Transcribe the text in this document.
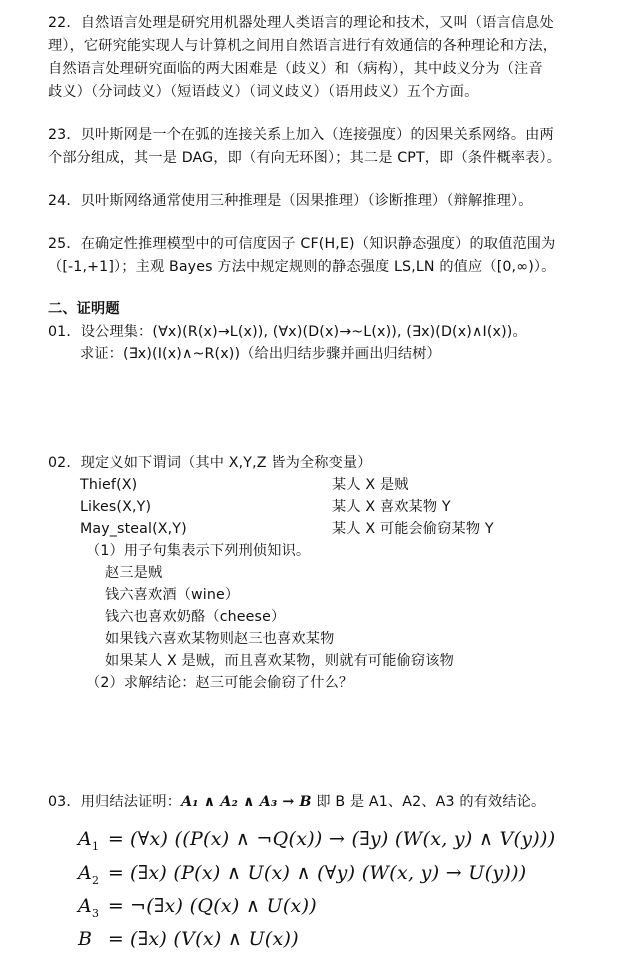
22．自然语言处理是研究用机器处理人类语言的理论和技术，又叫（语言信息处
理），它研究能实现人与计算机之间用自然语言进行有效通信的各种理论和方法，
自然语言处理研究面临的两大困难是（歧义）和（病构），其中歧义分为（注音
歧义）（分词歧义）（短语歧义）（词义歧义）（语用歧义）五个方面。
23．贝叶斯网是一个在弧的连接关系上加入（连接强度）的因果关系网络。由两
个部分组成，其一是 DAG，即（有向无环图）；其二是 CPT，即（条件概率表）。
24．贝叶斯网络通常使用三种推理是（因果推理）（诊断推理）（辩解推理）。
25．在确定性推理模型中的可信度因子 CF(H,E)（知识静态强度）的取值范围为
（[-1,+1]）；主观 Bayes 方法中规定规则的静态强度 LS,LN 的值应（[0,∞)）。
二、证明题
01．设公理集：(∀x)(R(x)→L(x)), (∀x)(D(x)→~L(x)), (∃x)(D(x)∧I(x))。
求证：(∃x)(I(x)∧~R(x))（给出归结步骤并画出归结树）
02．现定义如下谓词（其中 X,Y,Z 皆为全称变量）
Thief(X)	某人 X 是贼
Likes(X,Y)	某人 X 喜欢某物 Y
May_steal(X,Y)	某人 X 可能会偷窃某物 Y
（1）用子句集表示下列刑侦知识。
赵三是贼
钱六喜欢酒（wine）
钱六也喜欢奶酪（cheese）
如果钱六喜欢某物则赵三也喜欢某物
如果某人 X 是贼，而且喜欢某物，则就有可能偷窃该物
（2）求解结论：赵三可能会偷窃了什么？
03．用归结法证明：A₁ ∧ A₂ ∧ A₃ → B 即 B 是 A1、A2、A3 的有效结论。
$A_1$ = (∀x) ((P(x) ∧ ¬Q(x)) → (∃y) (W(x, y) ∧ V(y)))
$A_2$ = (∃x) (P(x) ∧ U(x) ∧ (∀y) (W(x, y) → U(y)))
$A_3$ = ¬(∃x) (Q(x) ∧ U(x))
B = (∃x) (V(x) ∧ U(x))
